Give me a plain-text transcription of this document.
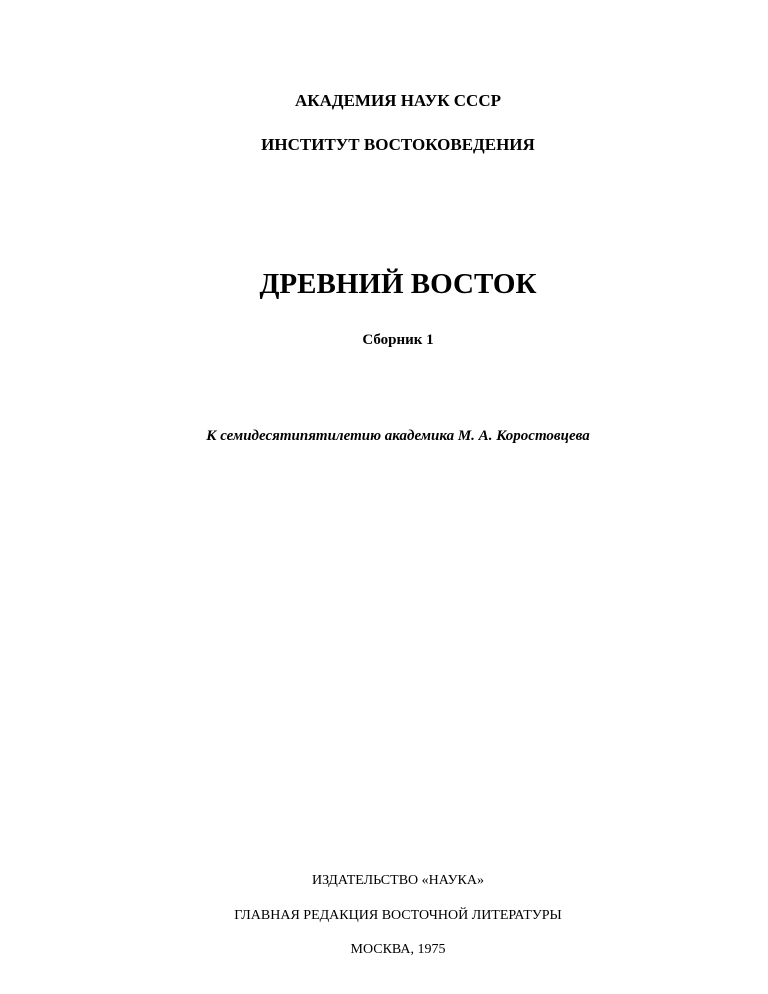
АКАДЕМИЯ НАУК СССР
ИНСТИТУТ ВОСТОКОВЕДЕНИЯ
ДРЕВНИЙ ВОСТОК
Сборник 1
К семидесятипятилетию академика М. А. Коростовцева
ИЗДАТЕЛЬСТВО «НАУКА»
ГЛАВНАЯ РЕДАКЦИЯ ВОСТОЧНОЙ ЛИТЕРАТУРЫ
МОСКВА, 1975
